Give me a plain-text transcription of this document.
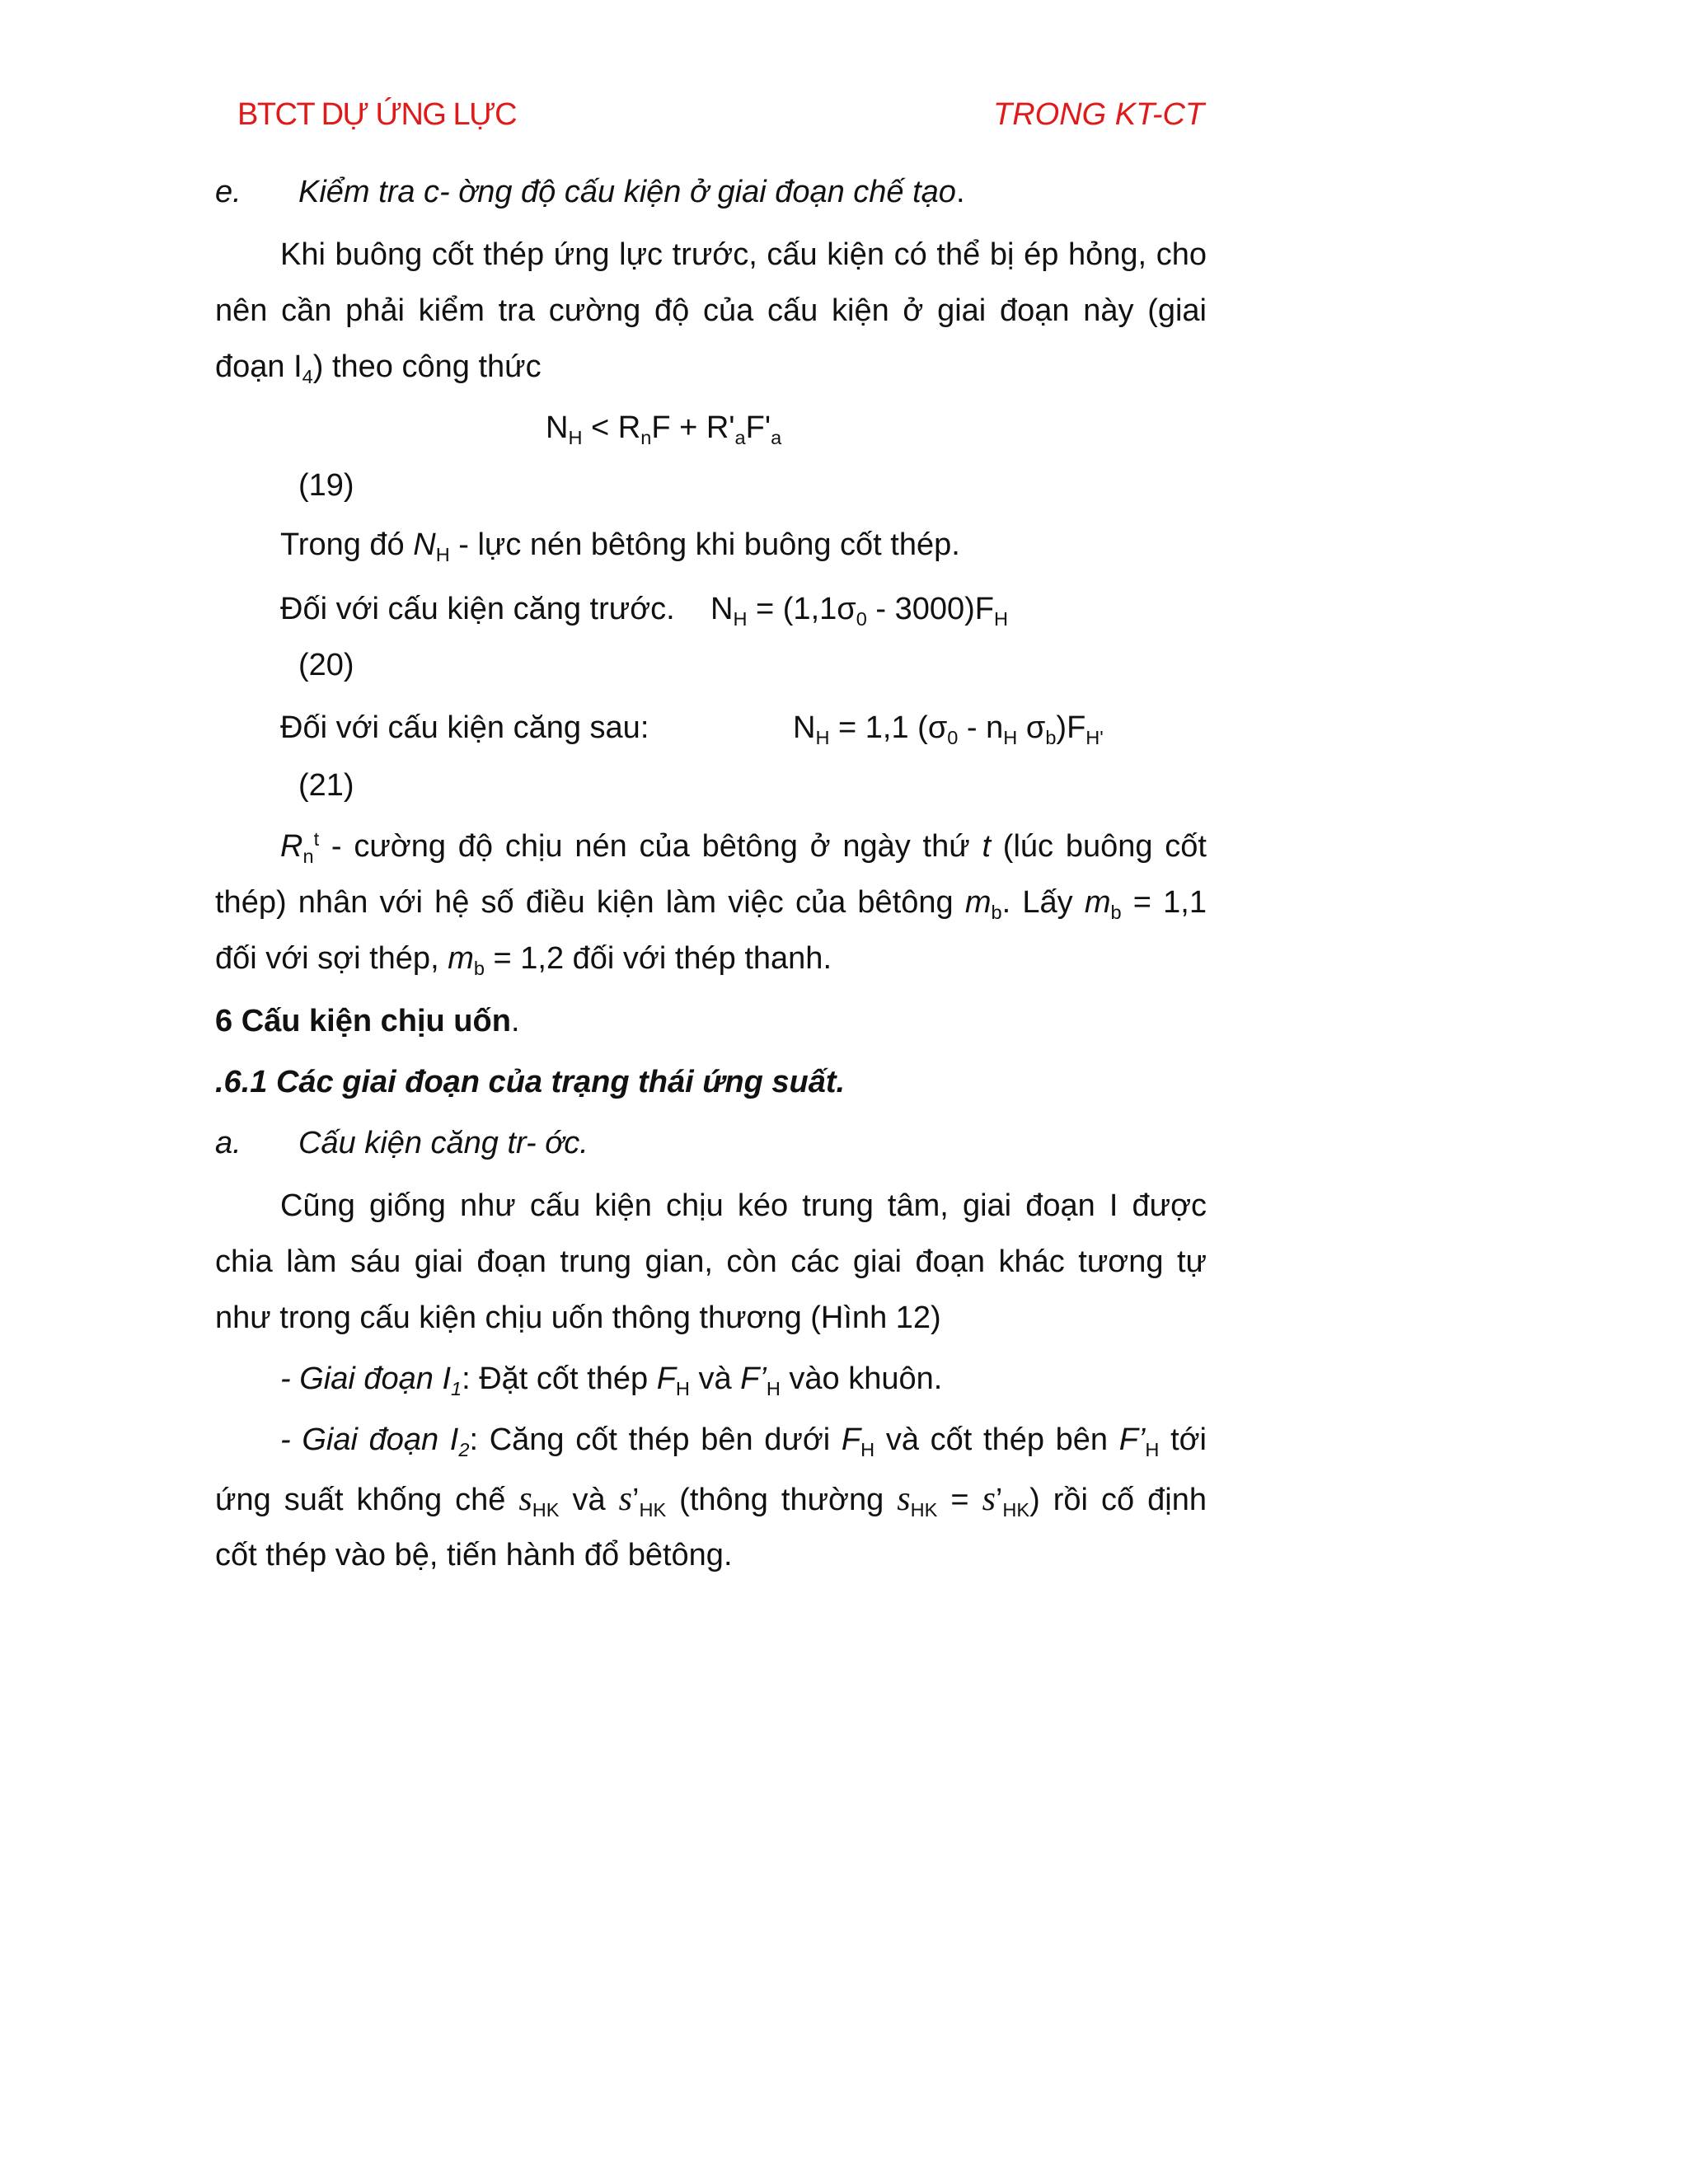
BTCT DỰ ỨNG LỰC	TRONG KT-CT
e. Kiểm tra c- ờng độ cấu kiện ở giai đoạn chế tạo.
Khi buông cốt thép ứng lực trước, cấu kiện có thể bị ép hỏng, cho
nên cần phải kiểm tra cường độ của cấu kiện ở giai đoạn này (giai
đoạn $I_4$) theo công thức
$N_H < R_nF + R'_aF'_a$
(19)
Trong đó $N_H$ - lực nén bêtông khi buông cốt thép.
Đối với cấu kiện căng trước. $N_H = (1,1\sigma_0 - 3000)F_H$
(20)
Đối với cấu kiện căng sau:	$N_H = 1,1$ ($\sigma_0 - n_H$ $\sigma_b)F_{H'}$
(21)
$R_n^t$ - cường độ chịu nén của bêtông ở ngày thứ t (lúc buông cốt
thép) nhân với hệ số điều kiện làm việc của bêtông $m_b$. Lấy $m_b = 1,1$
đối với sợi thép, $m_b = 1,2$ đối với thép thanh.
6 Cấu kiện chịu uốn.
.6.1 Các giai đoạn của trạng thái ứng suất.
a. Cấu kiện căng tr- ớc.
Cũng giống như cấu kiện chịu kéo trung tâm, giai đoạn I được
chia làm sáu giai đoạn trung gian, còn các giai đoạn khác tương tự
như trong cấu kiện chịu uốn thông thương (Hình 12)
- Giai đoạn $I_1$: Đặt cốt thép $F_H$ và $F’_H$ vào khuôn.
- Giai đoạn $I_2$: Căng cốt thép bên dưới $F_H$ và cốt thép bên $F’_H$ tới
ứng suất khống chế $s_{HK}$ và $s’_{HK}$ (thông thường $s_{HK}$ = $s’_{HK}$) rồi cố định
cốt thép vào bệ, tiến hành đổ bêtông.
